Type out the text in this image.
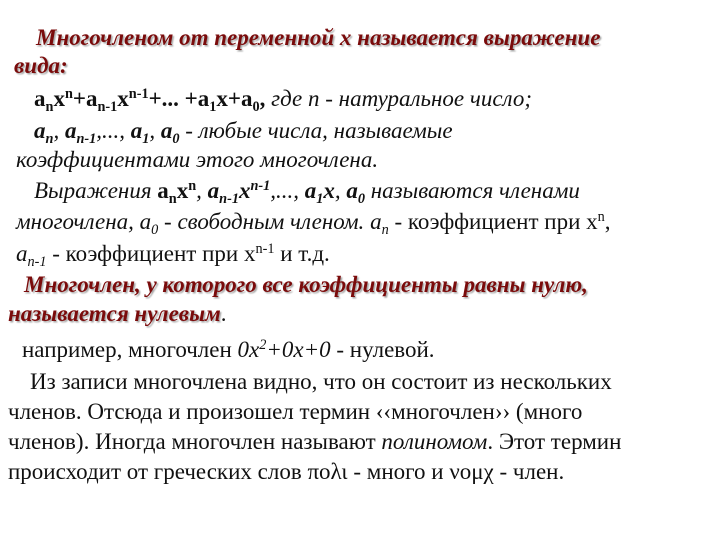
Многочленом от переменной x называется выражение
вида:
$a_nx^n+a_{n-1}x^{n-1}+$... $+a_1x+a_0$, где n - натуральное число;
$a_n$, $a_{n-1}$,..., $a_1$, $a_0$ - любые числа, называемые
коэффициентами этого многочлена.
Выражения $a_nx^n$, $a_{n-1}x^{n-1}$,..., $a_1x$, $a_0$ называются членами
многочлена, $a_0$ - свободным членом. $a_n$ - коэффициент при $x^n$,
$a_{n-1}$ - коэффициент при $x^{n-1}$ и т.д.
Многочлен, у которого все коэффициенты равны нулю,
называется нулевым.
например, многочлен $0x^2+0x+0$ - нулевой.
Из записи многочлена видно, что он состоит из нескольких
членов. Отсюда и произошел термин ‹‹многочлен›› (много
членов). Иногда многочлен называют полиномом. Этот термин
происходит от греческих слов πολι - много и νομχ - член.
